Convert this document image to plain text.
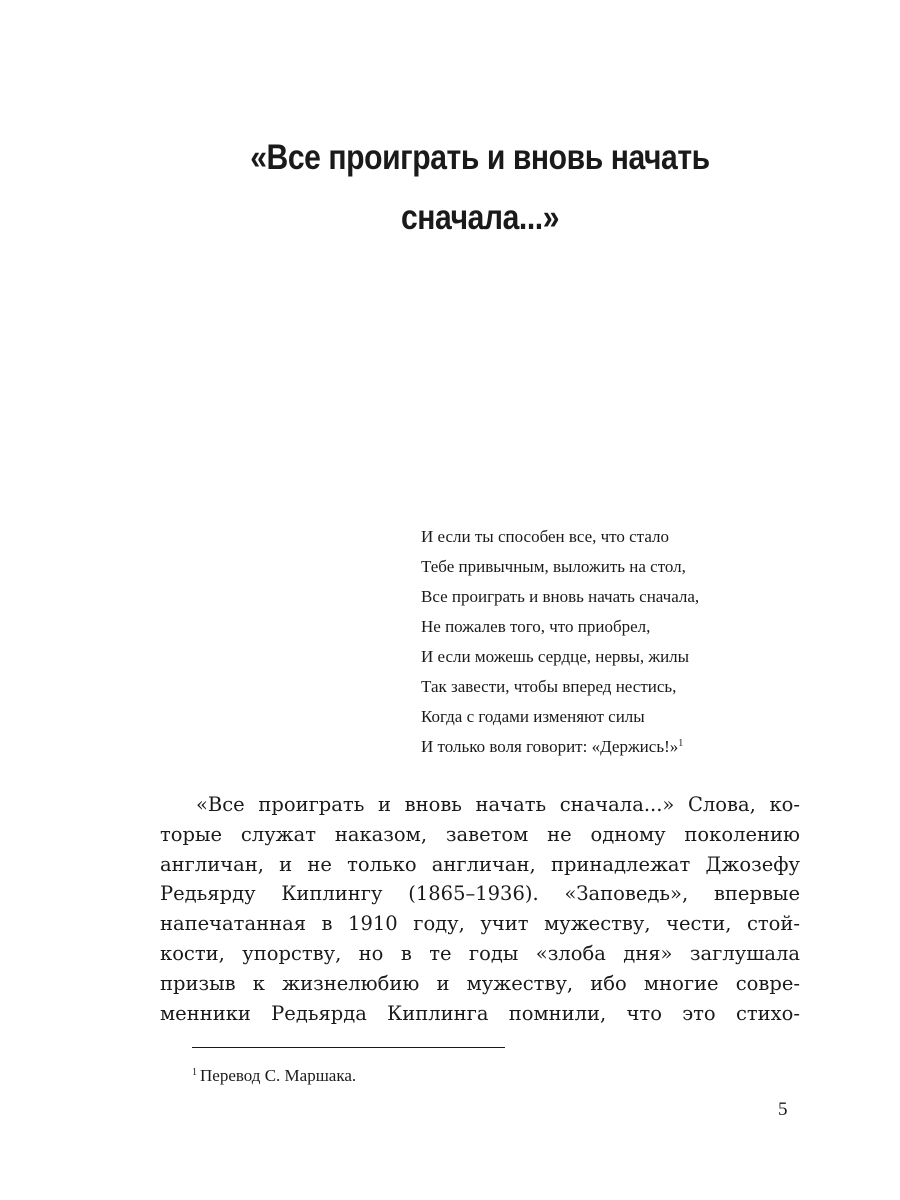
«Все проиграть и вновь начать
сначала...»
И если ты способен все, что стало
Тебе привычным, выложить на стол,
Все проиграть и вновь начать сначала,
Не пожалев того, что приобрел,
И если можешь сердце, нервы, жилы
Так завести, чтобы вперед нестись,
Когда с годами изменяют силы
И только воля говорит: «Держись!»$^1$
«Все проиграть и вновь начать сначала...» Слова, ко-
торые служат наказом, заветом не одному поколению
англичан, и не только англичан, принадлежат Джозефу
Редьярду Киплингу (1865–1936). «Заповедь», впервые
напечатанная в 1910 году, учит мужеству, чести, стой-
кости, упорству, но в те годы «злоба дня» заглушала
призыв к жизнелюбию и мужеству, ибо многие совре-
менники Редьярда Киплинга помнили, что это стихо-
$^1$ Перевод С. Маршака.
5
